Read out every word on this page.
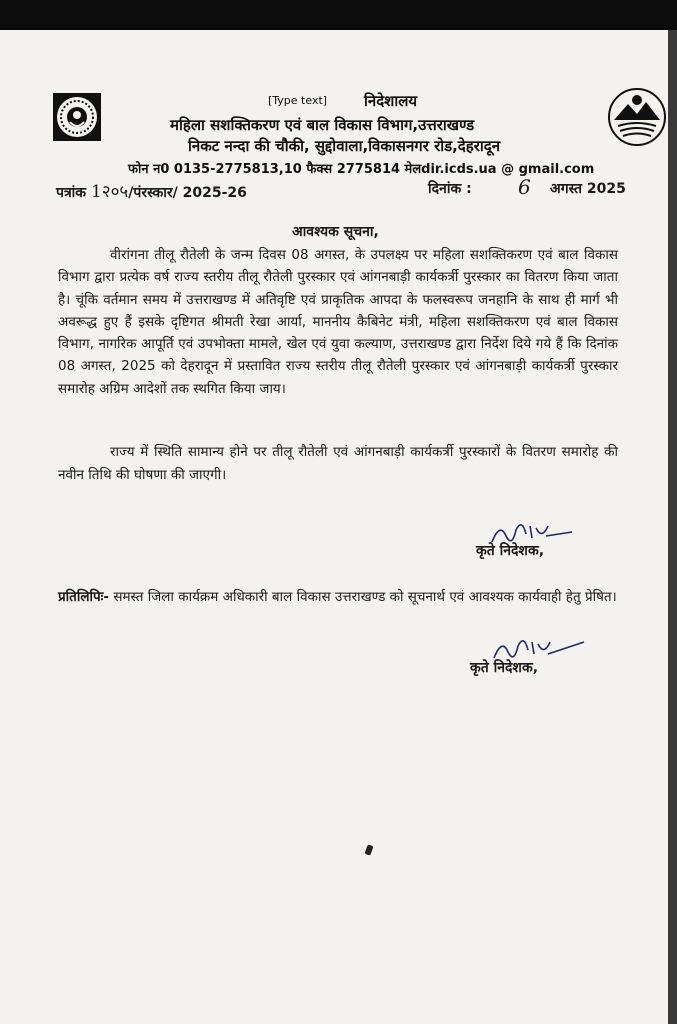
[Type text] निदेशालय
महिला सशक्तिकरण एवं बाल विकास विभाग,उत्तराखण्ड
निकट नन्दा की चौकी, सुद्दोवाला,विकासनगर रोड,देहरादून
फोन न0 0135-2775813,10 फैक्स 2775814 मेलdir.icds.ua @ gmail.com
पत्रांक 1२०५/पंरस्कार/ 2025-26	दिनांक : 6 अगस्त 2025
आवश्यक सूचना,
वीरांगना तीलू रौतेली के जन्म दिवस 08 अगस्त, के उपलक्ष्य पर महिला सशक्तिकरण एवं बाल विकास विभाग द्वारा प्रत्येक वर्ष राज्य स्तरीय तीलू रौतेली पुरस्कार एवं आंगनबाड़ी कार्यकर्त्री पुरस्कार का वितरण किया जाता है। चूंकि वर्तमान समय में उत्तराखण्ड में अतिवृष्टि एवं प्राकृतिक आपदा के फलस्वरूप जनहानि के साथ ही मार्ग भी अवरूद्ध हुए हैं इसके दृष्टिगत श्रीमती रेखा आर्या, माननीय कैबिनेट मंत्री, महिला सशक्तिकरण एवं बाल विकास विभाग, नागरिक आपूर्ति एवं उपभोक्ता मामले, खेल एवं युवा कल्याण, उत्तराखण्ड द्वारा निर्देश दिये गये हैं कि दिनांक 08 अगस्त, 2025 को देहरादून में प्रस्तावित राज्य स्तरीय तीलू रौतेली पुरस्कार एवं आंगनबाड़ी कार्यकर्त्री पुरस्कार समारोह अग्रिम आदेशों तक स्थगित किया जाय।
राज्य में स्थिति सामान्य होने पर तीलू रौतेली एवं आंगनबाड़ी कार्यकर्त्री पुरस्कारों के वितरण समारोह की नवीन तिथि की घोषणा की जाएगी।
कृते निदेशक,
प्रतिलिपिः- समस्त जिला कार्यक्रम अधिकारी बाल विकास उत्तराखण्ड को सूचनार्थ एवं आवश्यक कार्यवाही हेतु प्रेषित।
कृते निदेशक,
